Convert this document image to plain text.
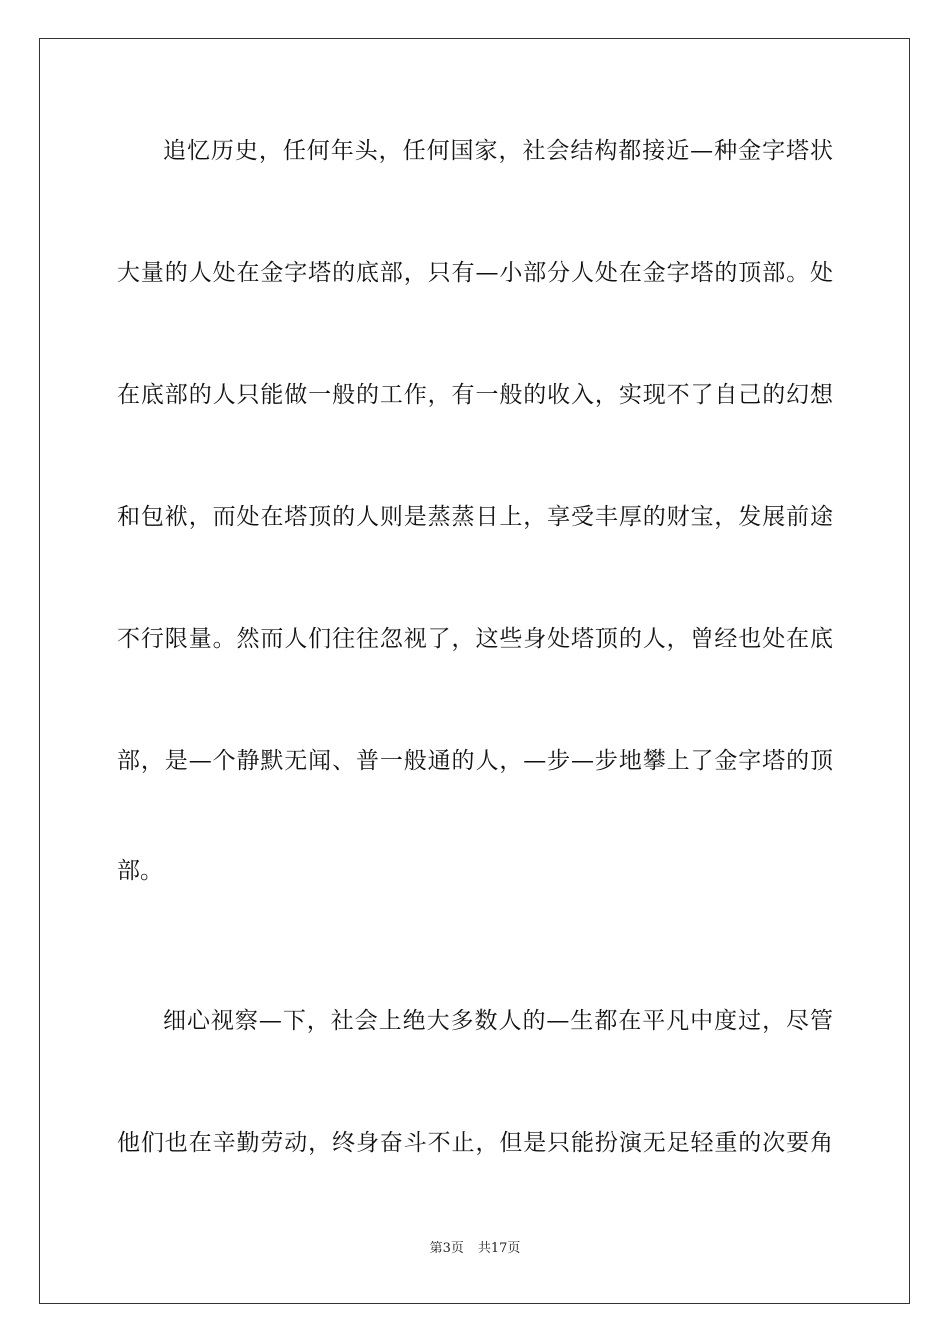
追忆历史，任何年头，任何国家，社会结构都接近—种金字塔状
大量的人处在金字塔的底部，只有—小部分人处在金字塔的顶部。处
在底部的人只能做一般的工作，有一般的收入，实现不了自己的幻想
和包袱，而处在塔顶的人则是蒸蒸日上，享受丰厚的财宝，发展前途
不行限量。然而人们往往忽视了，这些身处塔顶的人，曾经也处在底
部，是—个静默无闻、普一般通的人，—步—步地攀上了金字塔的顶
部。
细心视察—下，社会上绝大多数人的—生都在平凡中度过，尽管
他们也在辛勤劳动，终身奋斗不止，但是只能扮演无足轻重的次要角
第3页 共17页
